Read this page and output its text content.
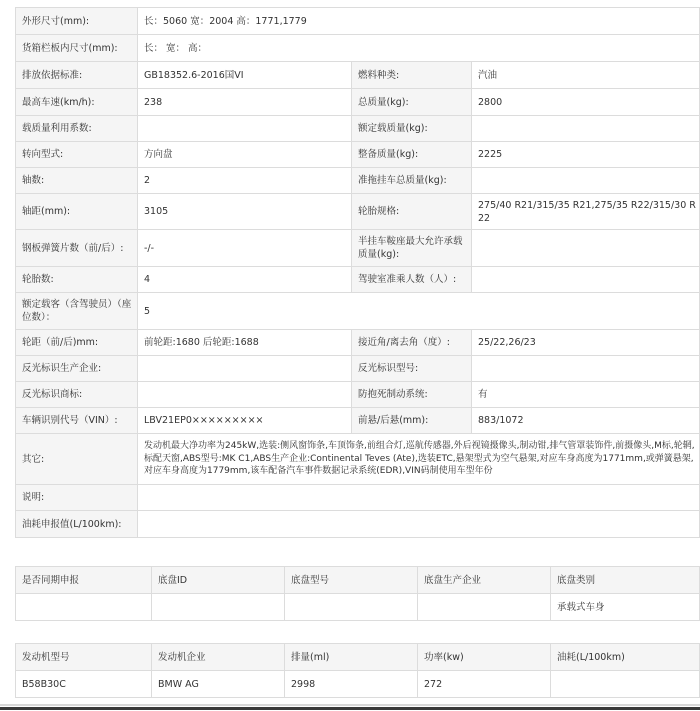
外形尺寸(mm):	长：5060 宽：2004 高：1771,1779		
货箱栏板内尺寸(mm):	长： 宽： 高：		
排放依据标准:	GB18352.6-2016国VI	燃料种类:	汽油
最高车速(km/h):	238	总质量(kg):	2800
载质量利用系数:		额定载质量(kg):	
转向型式:	方向盘	整备质量(kg):	2225
轴数:	2	准拖挂车总质量(kg):	
轴距(mm):	3105	轮胎规格:	275/40 R21/315/35 R21,275/35 R22/315/30 R22
钢板弹簧片数（前/后）:	-/-	半挂车鞍座最大允许承载质量(kg):	
轮胎数:	4	驾驶室准乘人数（人）:	
额定载客（含驾驶员）（座位数）：	5		
轮距（前/后)mm:	前轮距:1680 后轮距:1688	接近角/离去角（度）:	25/22,26/23
反光标识生产企业:		反光标识型号:	
反光标识商标:		防抱死制动系统:	有
车辆识别代号（VIN）:	LBV21EP0×××××××××	前悬/后悬(mm):	883/1072
其它:	发动机最大净功率为245kW,选装:侧风窗饰条,车顶饰条,前组合灯,巡航传感器,外后视镜摄像头,制动钳,排气管罩装饰件,前摄像头,M标,轮辋,标配天窗,ABS型号:MK C1,ABS生产企业:Continental Teves (Ate),选装ETC,悬架型式为空气悬架,对应车身高度为1771mm,或弹簧悬架,对应车身高度为1779mm,该车配备汽车事件数据记录系统(EDR),VIN码制使用车型年份		
说明:			
油耗申报值(L/100km):			
是否同期申报	底盘ID	底盘型号	底盘生产企业	底盘类别
				承载式车身
发动机型号	发动机企业	排量(ml)	功率(kw)	油耗(L/100km)
B58B30C	BMW AG	2998	272	
